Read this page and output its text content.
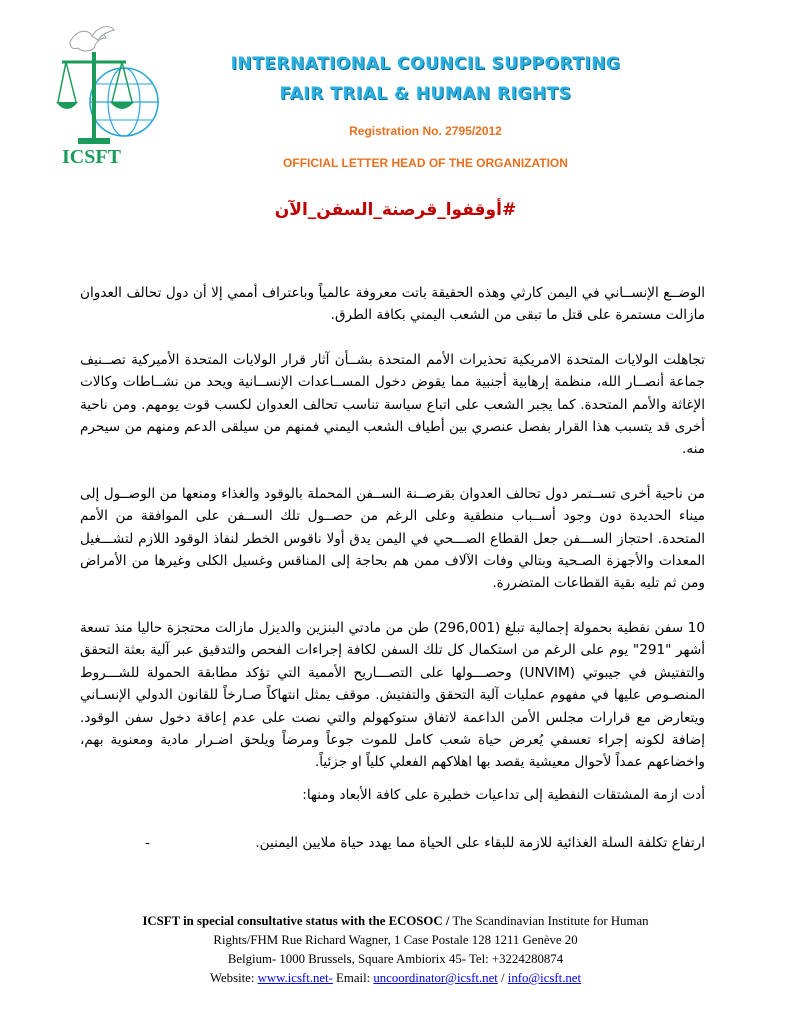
ICSFT
INTERNATIONAL COUNCIL SUPPORTING
FAIR TRIAL & HUMAN RIGHTS
Registration No. 2795/2012
OFFICIAL LETTER HEAD OF THE ORGANIZATION
#أوقفوا_قرصنة_السفن_الآن

الوضــع الإنســاني في اليمن كارثي وهذه الحقيقة باتت معروفة عالمياً وباعتراف أممي إلا أن دول تحالف العدوان مازالت مستمرة على قتل ما تبقى من الشعب اليمني بكافة الطرق.

تجاهلت الولايات المتحدة الامريكية تحذيرات الأمم المتحدة بشــأن آثار قرار الولايات المتحدة الأميركية تصــنيف جماعة أنصــار الله، منظمة إرهابية أجنبية مما يقوض دخول المســاعدات الإنســانية ويحد من نشــاطات وكالات الإغاثة والأمم المتحدة. كما يجبر الشعب على اتباع سياسة تناسب تحالف العدوان لكسب قوت يومهم. ومن ناحية أخرى قد يتسبب هذا القرار بفصل عنصري بين أطياف الشعب اليمني فمنهم من سيلقى الدعم ومنهم من سيحرم منه.

من ناحية أخرى تســتمر دول تحالف العدوان بقرصــنة الســفن المحملة بالوقود والغذاء ومنعها من الوصــول إلى ميناء الحديدة دون وجود أســباب منطقية وعلى الرغم من حصــول تلك الســفن على الموافقة من الأمم المتحدة. احتجاز الســـفن جعل القطاع الصـــحي في اليمن يدق أولا ناقوس الخطر لنفاذ الوقود اللازم لتشـــغيل المعدات والأجهزة الصـحية وبتالي وفات الآلاف ممن هم بحاجة إلى المناقس وغسيل الكلى وغيرها من الأمراض ومن ثم تليه بقية القطاعات المتضررة.

10 سفن نفطية بحمولة إجمالية تبلغ (296,001) طن من مادتي البنزين والديزل مازالت محتجزة حاليا منذ تسعة أشهر "291" يوم على الرغم من استكمال كل تلك السفن لكافة إجراءات الفحص والتدقيق عبر آلية بعثة التحقق والتفتيش في جيبوتي (UNVIM) وحصـــولها على التصـــاريح الأممية التي تؤكد مطابقة الحمولة للشـــروط المنصـوص عليها في مفهوم عمليات آلية التحقق والتفتيش. موقف يمثل انتهاكاً صـارخاً للقانون الدولي الإنسـاني ويتعارض مع قرارات مجلس الأمن الداعمة لاتفاق ستوكهولم والتي نصت على عدم إعاقة دخول سفن الوقود. إضافة لكونه إجراء تعسفي يُعرض حياة شعب كامل للموت جوعاً ومرضاً ويلحق اضـرار مادية ومعنوية بهم، واخضاعهم عمداً لأحوال معيشية يقصد بها اهلاكهم الفعلي كلياً او جزئياً.

أدت ازمة المشتقات النفطية إلى تداعيات خطيرة على كافة الأبعاد ومنها:

-	ارتفاع تكلفة السلة الغذائية للازمة للبقاء على الحياة مما يهدد حياة ملايين اليمنين.
ICSFT in special consultative status with the ECOSOC / The Scandinavian Institute for Human
Rights/FHM Rue Richard Wagner, 1 Case Postale 128 1211 Genève 20
Belgium- 1000 Brussels, Square Ambiorix 45- Tel: +3224280874
Website: www.icsft.net- Email: uncoordinator@icsft.net / info@icsft.net
